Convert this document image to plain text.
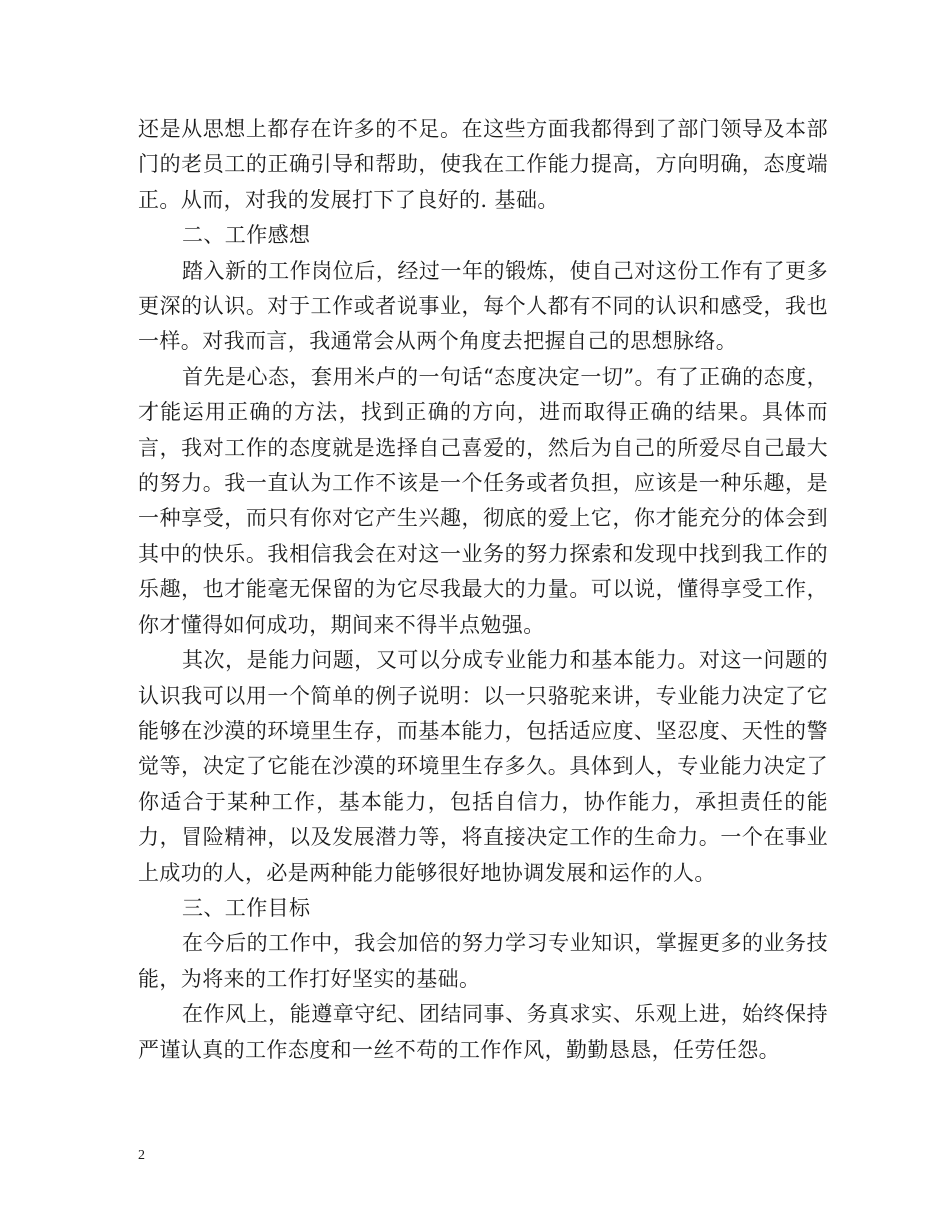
还是从思想上都存在许多的不足。在这些方面我都得到了部门领导及本部门的老员工的正确引导和帮助，使我在工作能力提高，方向明确，态度端正。从而，对我的发展打下了良好的. 基础。

二、工作感想

踏入新的工作岗位后，经过一年的锻炼，使自己对这份工作有了更多更深的认识。对于工作或者说事业，每个人都有不同的认识和感受，我也一样。对我而言，我通常会从两个角度去把握自己的思想脉络。

首先是心态，套用米卢的一句话“态度决定一切”。有了正确的态度，才能运用正确的方法，找到正确的方向，进而取得正确的结果。具体而言，我对工作的态度就是选择自己喜爱的，然后为自己的所爱尽自己最大的努力。我一直认为工作不该是一个任务或者负担，应该是一种乐趣，是一种享受，而只有你对它产生兴趣，彻底的爱上它，你才能充分的体会到其中的快乐。我相信我会在对这一业务的努力探索和发现中找到我工作的乐趣，也才能毫无保留的为它尽我最大的力量。可以说，懂得享受工作，你才懂得如何成功，期间来不得半点勉强。

其次，是能力问题，又可以分成专业能力和基本能力。对这一问题的认识我可以用一个简单的例子说明：以一只骆驼来讲，专业能力决定了它能够在沙漠的环境里生存，而基本能力，包括适应度、坚忍度、天性的警觉等，决定了它能在沙漠的环境里生存多久。具体到人，专业能力决定了你适合于某种工作，基本能力，包括自信力，协作能力，承担责任的能力，冒险精神，以及发展潜力等，将直接决定工作的生命力。一个在事业上成功的人，必是两种能力能够很好地协调发展和运作的人。

三、工作目标

在今后的工作中，我会加倍的努力学习专业知识，掌握更多的业务技能，为将来的工作打好坚实的基础。

在作风上，能遵章守纪、团结同事、务真求实、乐观上进，始终保持严谨认真的工作态度和一丝不苟的工作作风，勤勤恳恳，任劳任怨。

2
